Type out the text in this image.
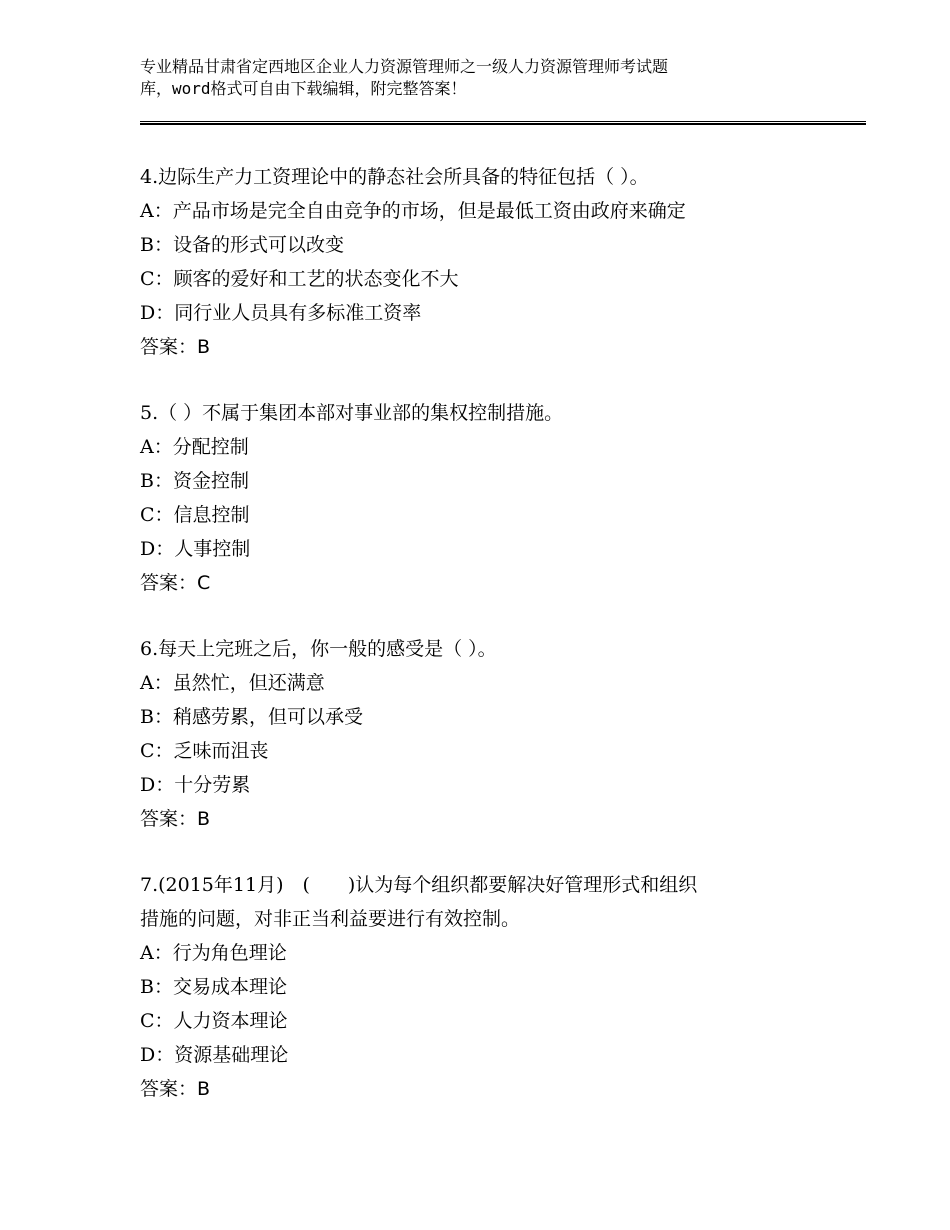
专业精品甘肃省定西地区企业人力资源管理师之一级人力资源管理师考试题
库，word格式可自由下载编辑，附完整答案！
4.边际生产力工资理论中的静态社会所具备的特征包括（ ）。
A：产品市场是完全自由竞争的市场，但是最低工资由政府来确定
B：设备的形式可以改变
C：顾客的爱好和工艺的状态变化不大
D：同行业人员具有多标准工资率
答案：B
5.（ ）不属于集团本部对事业部的集权控制措施。
A：分配控制
B：资金控制
C：信息控制
D：人事控制
答案：C
6.每天上完班之后，你一般的感受是（ ）。
A：虽然忙，但还满意
B：稍感劳累，但可以承受
C：乏味而沮丧
D：十分劳累
答案：B
7.(2015年11月)　(　　)认为每个组织都要解决好管理形式和组织
措施的问题，对非正当利益要进行有效控制。
A：行为角色理论
B：交易成本理论
C：人力资本理论
D：资源基础理论
答案：B
